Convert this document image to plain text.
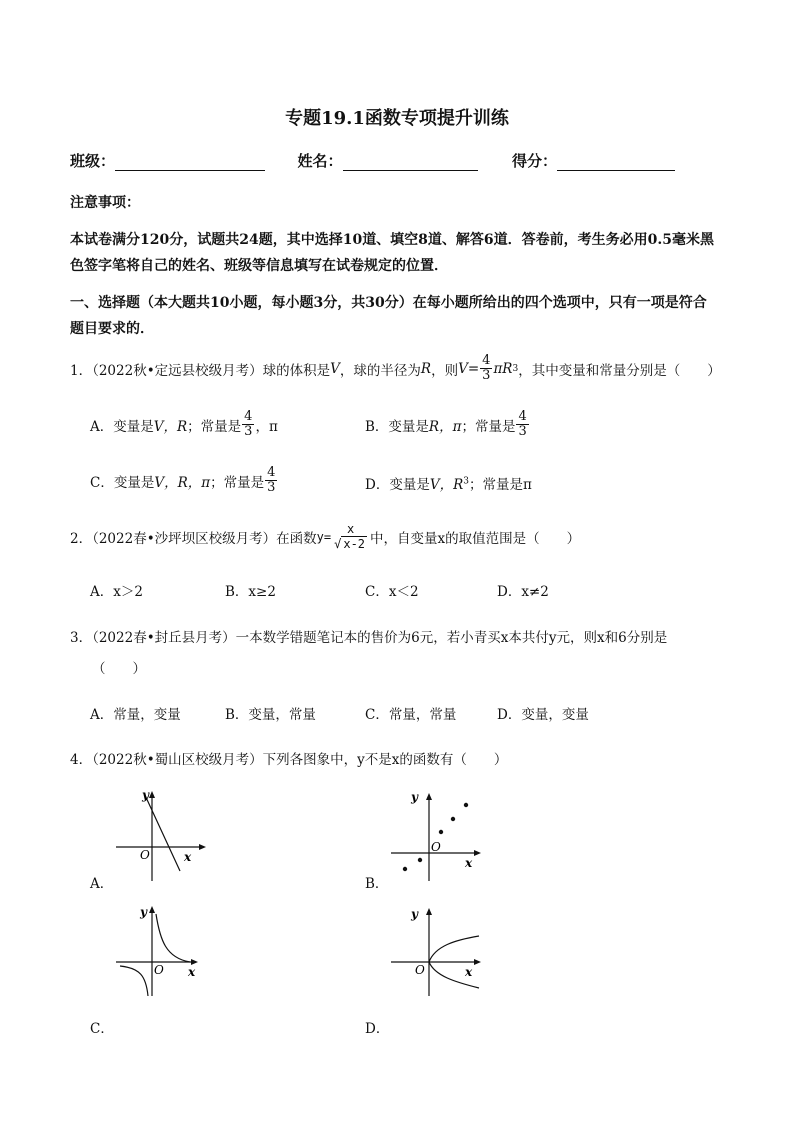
专题19.1函数专项提升训练
班级：	姓名：	得分：
注意事项：
本试卷满分120分，试题共24题，其中选择10道、填空8道、解答6道．答卷前，考生务必用0.5毫米黑
色签字笔将自己的姓名、班级等信息填写在试卷规定的位置．
一、选择题（本大题共10小题，每小题3分，共30分）在每小题所给出的四个选项中，只有一项是符合
题目要求的．
1．（2022秋•定远县校级月考）球的体积是 V ，球的半径为 R ，则 $V= \frac{4}{3}$ πR 3 ，其中变量和常量分别是（　　）
A．变量是 V，R ；常量是 $\frac{4}{3}$ ，π	B．变量是 R，π ；常量是 $\frac{4}{3}$
C．变量是 V，R，π ；常量是 $\frac{4}{3}$	D．变量是V，$R^3$；常量是π
2．（2022春•沙坪坝区校级月考）在函数 $y= \frac{x}{√ x-2}$ 中，自变量x的取值范围是（　　）
A．x＞2	B．x≥2	C．x＜2	D．x≠2
3．（2022春•封丘县月考）一本数学错题笔记本的售价为6元，若小青买x本共付y元，则x和6分别是
（　　）
A．常量，变量	B．变量，常量	C．常量，常量	D．变量，变量
4．（2022秋•蜀山区校级月考）下列各图象中，y不是x的函数有（　　）
y
x
O
A．
y
x
O
B．
y
x
O
C．
y
x
O
D．
